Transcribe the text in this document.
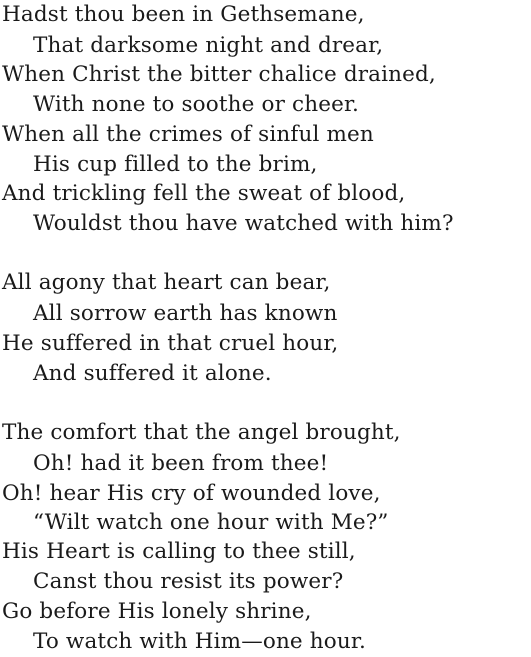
Hadst thou been in Gethsemane,
That darksome night and drear,
When Christ the bitter chalice drained,
With none to soothe or cheer.
When all the crimes of sinful men
His cup filled to the brim,
And trickling fell the sweat of blood,
Wouldst thou have watched with him?
All agony that heart can bear,
All sorrow earth has known
He suffered in that cruel hour,
And suffered it alone.
The comfort that the angel brought,
Oh! had it been from thee!
Oh! hear His cry of wounded love,
“Wilt watch one hour with Me?”
His Heart is calling to thee still,
Canst thou resist its power?
Go before His lonely shrine,
To watch with Him—one hour.
